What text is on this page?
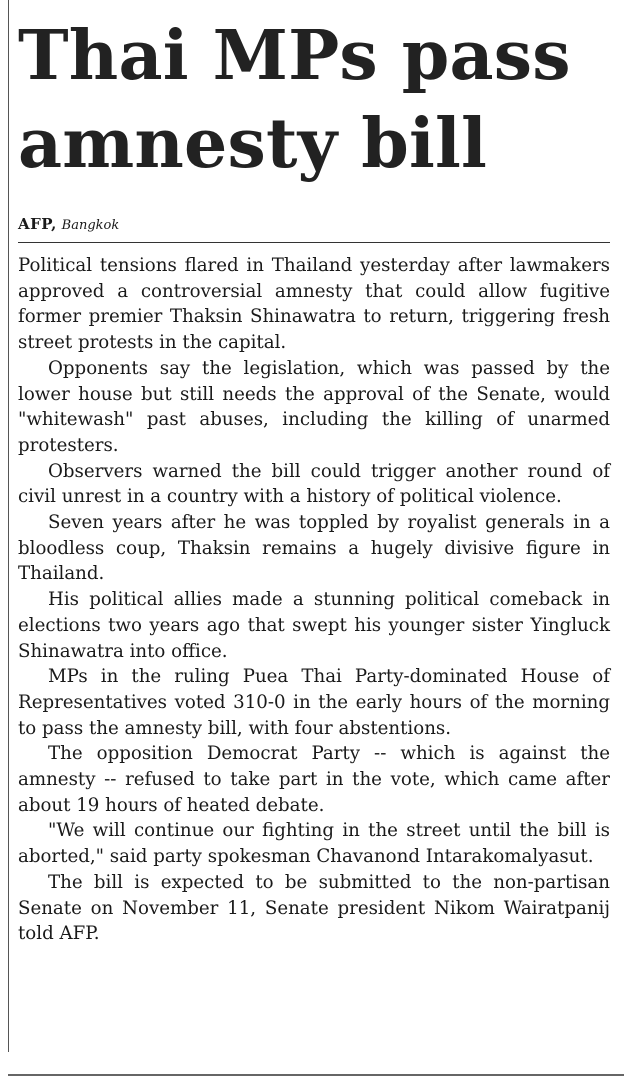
Thai MPs pass amnesty bill
AFP, Bangkok

Political tensions flared in Thailand yesterday after lawmakers approved a controversial amnesty that could allow fugitive former premier Thaksin Shinawatra to return, triggering fresh street protests in the capital.

Opponents say the legislation, which was passed by the lower house but still needs the approval of the Senate, would "whitewash" past abuses, including the killing of unarmed protesters.

Observers warned the bill could trigger another round of civil unrest in a country with a history of political violence.

Seven years after he was toppled by royalist generals in a bloodless coup, Thaksin remains a hugely divisive figure in Thailand.

His political allies made a stunning political comeback in elections two years ago that swept his younger sister Yingluck Shinawatra into office.

MPs in the ruling Puea Thai Party-dominated House of Representatives voted 310-0 in the early hours of the morning to pass the amnesty bill, with four abstentions.

The opposition Democrat Party -- which is against the amnesty -- refused to take part in the vote, which came after about 19 hours of heated debate.

"We will continue our fighting in the street until the bill is aborted," said party spokesman Chavanond Intarakomalyasut.

The bill is expected to be submitted to the non-partisan Senate on November 11, Senate president Nikom Wairatpanij told AFP.
